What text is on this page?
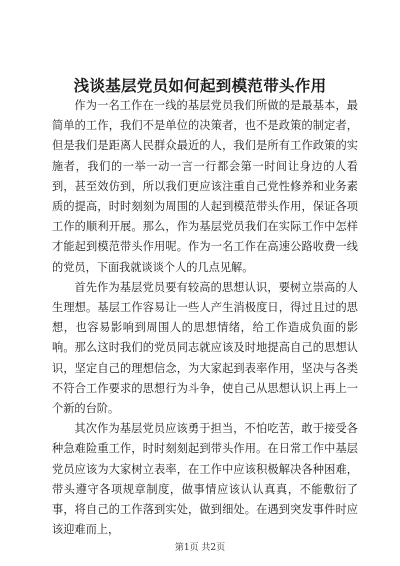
浅谈基层党员如何起到模范带头作用

作为一名工作在一线的基层党员我们所做的是最基本，最简单的工作，我们不是单位的决策者，也不是政策的制定者，但是我们是距离人民群众最近的人，我们是所有工作政策的实施者，我们的一举一动一言一行都会第一时间让身边的人看到，甚至效仿到，所以我们更应该注重自己党性修养和业务素质的提高，时时刻刻为周围的人起到模范带头作用，保证各项工作的顺利开展。那么，作为基层党员我们在实际工作中怎样才能起到模范带头作用呢。作为一名工作在高速公路收费一线的党员，下面我就谈谈个人的几点见解。

首先作为基层党员要有较高的思想认识，要树立崇高的人生理想。基层工作容易让一些人产生消极度日，得过且过的思想，也容易影响到周围人的思想情绪，给工作造成负面的影响。那么这时我们的党员同志就应该及时地提高自己的思想认识，坚定自己的理想信念，为大家起到表率作用，坚决与各类不符合工作要求的思想行为斗争，使自己从思想认识上再上一个新的台阶。

其次作为基层党员应该勇于担当，不怕吃苦，敢于接受各种急难险重工作，时时刻刻起到带头作用。在日常工作中基层党员应该为大家树立表率，在工作中应该积极解决各种困难，带头遵守各项规章制度，做事情应该认认真真，不能敷衍了事，将自己的工作落到实处，做到细处。在遇到突发事件时应该迎难而上，

第1页 共2页
